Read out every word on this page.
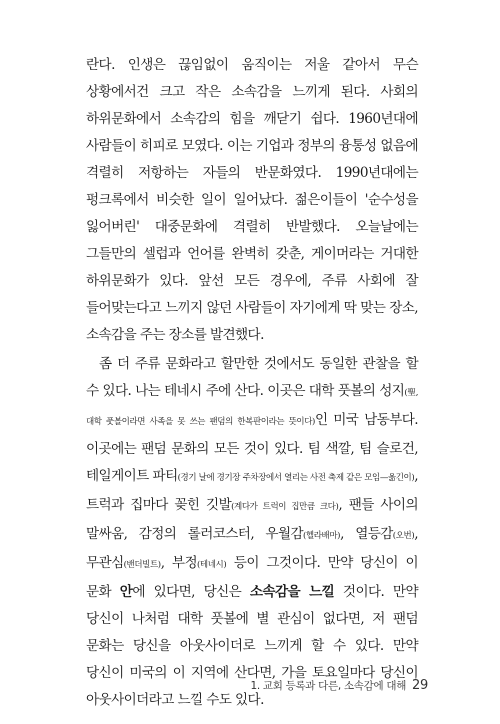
란다. 인생은 끊임없이 움직이는 저울 같아서 무슨 상황에서건 크고 작은 소속감을 느끼게 된다. 사회의 하위문화에서 소속감의 힘을 깨닫기 쉽다. 1960년대에 사람들이 히피로 모였다. 이는 기업과 정부의 융통성 없음에 격렬히 저항하는 자들의 반문화였다. 1990년대에는 펑크록에서 비슷한 일이 일어났다. 젊은이들이 '순수성을 잃어버린' 대중문화에 격렬히 반발했다. 오늘날에는 그들만의 셀럽과 언어를 완벽히 갖춘, 게이머라는 거대한 하위문화가 있다. 앞선 모든 경우에, 주류 사회에 잘 들어맞는다고 느끼지 않던 사람들이 자기에게 딱 맞는 장소, 소속감을 주는 장소를 발견했다.

좀 더 주류 문화라고 할만한 것에서도 동일한 관찰을 할 수 있다. 나는 테네시 주에 산다. 이곳은 대학 풋볼의 성지(聖, 대학 풋볼이라면 사족을 못 쓰는 팬덤의 한복판이라는 뜻이다)인 미국 남동부다. 이곳에는 팬덤 문화의 모든 것이 있다. 팀 색깔, 팀 슬로건, 테일게이트 파티(경기 날에 경기장 주차장에서 열리는 사전 축제 같은 모임—옮긴이), 트럭과 집마다 꽂힌 깃발(계다가 트럭이 집만큼 크다), 팬들 사이의 말싸움, 감정의 롤러코스터, 우월감(헬라배마), 열등감(오번), 무관심(밴더빌트), 부정(테네시) 등이 그것이다. 만약 당신이 이 문화 안에 있다면, 당신은 소속감을 느낄 것이다. 만약 당신이 나처럼 대학 풋볼에 별 관심이 없다면, 저 팬덤 문화는 당신을 아웃사이더로 느끼게 할 수 있다. 만약 당신이 미국의 이 지역에 산다면, 가을 토요일마다 당신이 아웃사이더라고 느낄 수도 있다.

1. 교회 등록과 다른, 소속감에 대해 29
